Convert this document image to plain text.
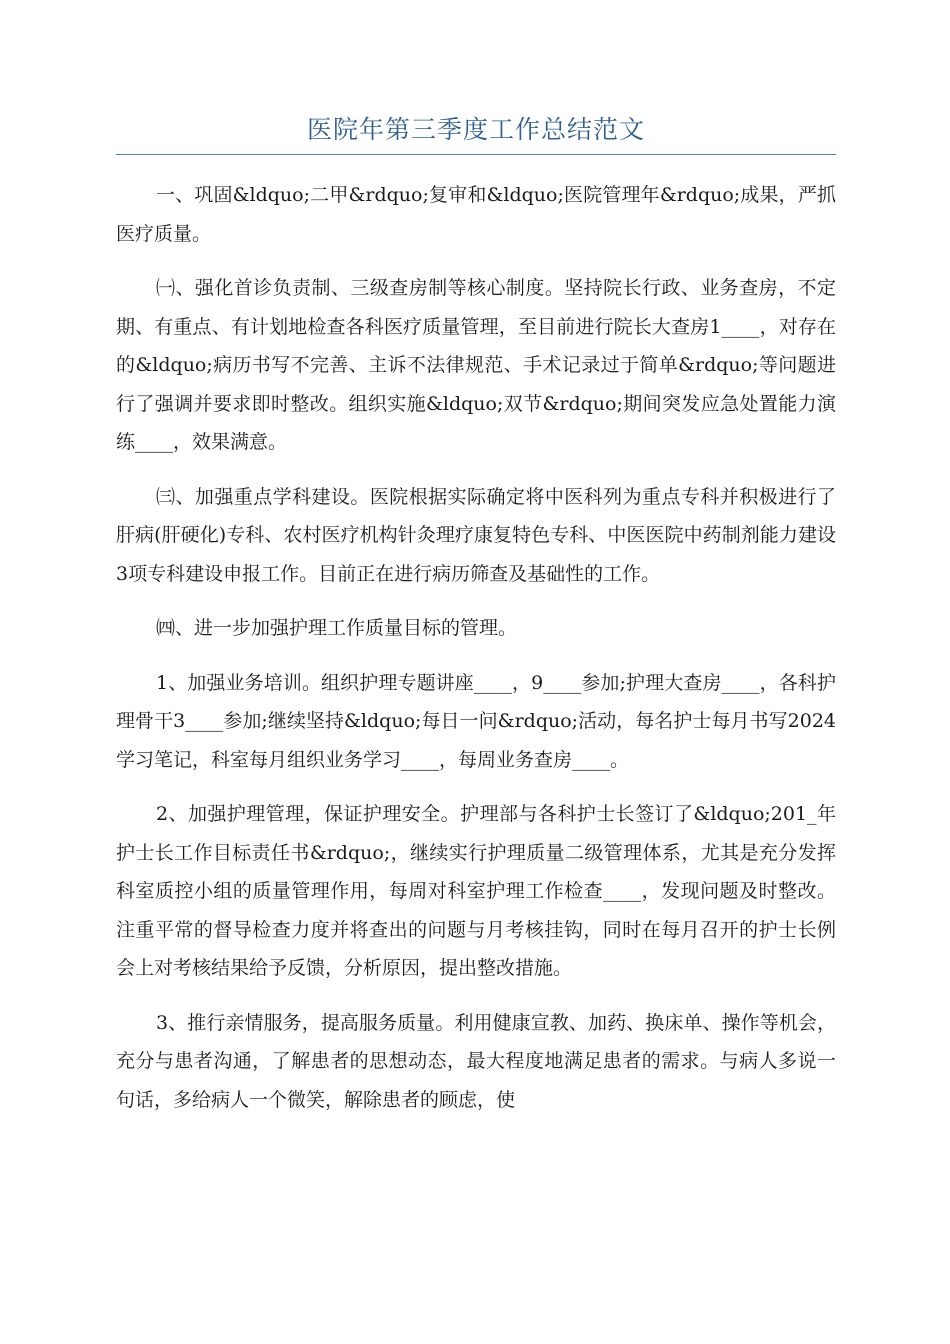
医院年第三季度工作总结范文

一、巩固&ldquo;二甲&rdquo;复审和&ldquo;医院管理年&rdquo;成果，严抓医疗质量。

㈠、强化首诊负责制、三级查房制等核心制度。坚持院长行政、业务查房，不定期、有重点、有计划地检查各科医疗质量管理，至目前进行院长大查房1____，对存在的&ldquo;病历书写不完善、主诉不法律规范、手术记录过于简单&rdquo;等问题进行了强调并要求即时整改。组织实施&ldquo;双节&rdquo;期间突发应急处置能力演练____，效果满意。

㈢、加强重点学科建设。医院根据实际确定将中医科列为重点专科并积极进行了肝病(肝硬化)专科、农村医疗机构针灸理疗康复特色专科、中医医院中药制剂能力建设3项专科建设申报工作。目前正在进行病历筛查及基础性的工作。

㈣、进一步加强护理工作质量目标的管理。

1、加强业务培训。组织护理专题讲座____，9____参加;护理大查房____，各科护理骨干3____参加;继续坚持&ldquo;每日一问&rdquo;活动，每名护士每月书写2024学习笔记，科室每月组织业务学习____，每周业务查房____。

2、加强护理管理，保证护理安全。护理部与各科护士长签订了&ldquo;201_年护士长工作目标责任书&rdquo;，继续实行护理质量二级管理体系，尤其是充分发挥科室质控小组的质量管理作用，每周对科室护理工作检查____，发现问题及时整改。注重平常的督导检查力度并将查出的问题与月考核挂钩，同时在每月召开的护士长例会上对考核结果给予反馈，分析原因，提出整改措施。

3、推行亲情服务，提高服务质量。利用健康宣教、加药、换床单、操作等机会，充分与患者沟通，了解患者的思想动态，最大程度地满足患者的需求。与病人多说一句话，多给病人一个微笑，解除患者的顾虑，使
